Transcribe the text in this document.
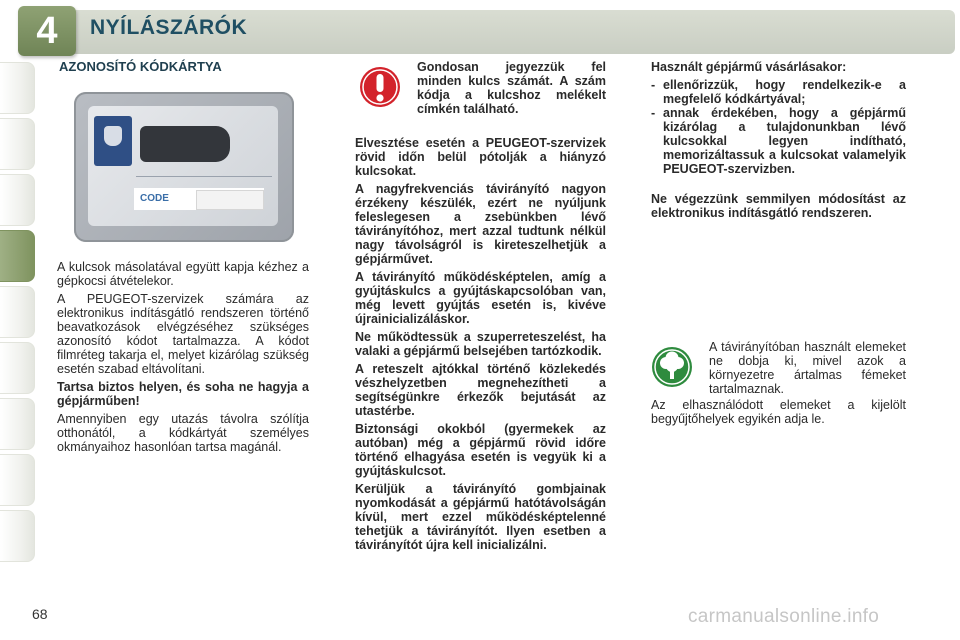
4	NYÍLÁSZÁRÓK
AZONOSÍTÓ KÓDKÁRTYA
CODE

A kulcsok másolatával együtt kapja kézhez a gépkocsi átvételekor.

A PEUGEOT-szervizek számára az elektronikus indításgátló rendszeren történő beavatkozások elvégzéséhez szükséges azonosító kódot tartalmazza. A kódot filmréteg takarja el, melyet kizárólag szükség esetén szabad eltávolítani.

Tartsa biztos helyen, és soha ne hagyja a gépjárműben!

Amennyiben egy utazás távolra szólítja otthonától, a kódkártyát személyes okmányaihoz hasonlóan tartsa magánál.

Gondosan jegyezzük fel minden kulcs számát. A szám kódja a kulcshoz melékelt címkén található.

Elvesztése esetén a PEUGEOT-szervizek rövid időn belül pótolják a hiányzó kulcsokat.

A nagyfrekvenciás távirányító nagyon érzékeny készülék, ezért ne nyúljunk feleslegesen a zsebünkben lévő távirányítóhoz, mert azzal tudtunk nélkül nagy távolságról is kireteszelhetjük a gépjárművet.

A távirányító működésképtelen, amíg a gyújtáskulcs a gyújtáskapcsolóban van, még levett gyújtás esetén is, kivéve újrainicializáláskor.

Ne működtessük a szuperreteszelést, ha valaki a gépjármű belsejében tartózkodik.

A reteszelt ajtókkal történő közlekedés vészhelyzetben megnehezítheti a segítségünkre érkezők bejutását az utastérbe.

Biztonsági okokból (gyermekek az autóban) még a gépjármű rövid időre történő elhagyása esetén is vegyük ki a gyújtáskulcsot.

Kerüljük a távirányító gombjainak nyomkodását a gépjármű hatótávolságán kívül, mert ezzel működésképtelenné tehetjük a távirányítót. Ilyen esetben a távirányítót újra kell inicializálni.

Használt gépjármű vásárlásakor:

- ellenőrizzük, hogy rendelkezik-e a megfelelő kódkártyával;
- annak érdekében, hogy a gépjármű kizárólag a tulajdonunkban lévő kulcsokkal legyen indítható, memorizáltassuk a kulcsokat valamelyik PEUGEOT-szervizben.

Ne végezzünk semmilyen módosítást az elektronikus indításgátló rendszeren.

A távirányítóban használt elemeket ne dobja ki, mivel azok a környezetre ártalmas fémeket tartalmaznak.

Az elhasználódott elemeket a kijelölt begyűjtőhelyek egyikén adja le.

68	carmanualsonline.info
